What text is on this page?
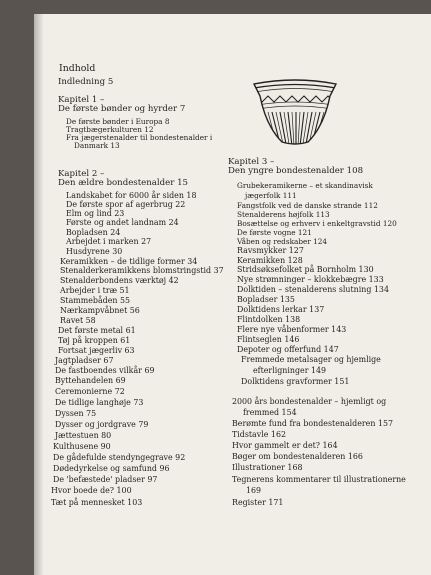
Indhold
Indledning 5
Kapitel 1 –
De første bønder og hyrder 7
De første bønder i Europa 8
Tragtbægerkulturen 12
Fra jægerstenalder til bondestenalder i
Danmark 13
Kapitel 2 –
Den ældre bondestenalder 15
Landskabet for 6000 år siden 18
De første spor af agerbrug 22
Elm og lind 23
Første og andet landnam 24
Bopladsen 24
Arbejdet i marken 27
Husdyrene 30
Keramikken – de tidlige former 34
Stenalderkeramikkens blomstringstid 37
Stenalderbondens værktøj 42
Arbejder i træ 51
Stammebåden 55
Nærkampvåbnet 56
Ravet 58
Det første metal 61
Tøj på kroppen 61
Fortsat jægerliv 63
Jagtpladser 67
De fastboendes vilkår 69
Byttehandelen 69
Ceremonierne 72
De tidlige langhøje 73
Dyssen 75
Dysser og jordgrave 79
Jættestuen 80
Kulthusene 90
De gådefulde stendyngegrave 92
Dødedyrkelse og samfund 96
De 'befæstede' pladser 97
Hvor boede de? 100
Tæt på mennesket 103
Kapitel 3 –
Den yngre bondestenalder 108
Grubekeramikerne – et skandinavisk
jægerfolk 111
Fangstfolk ved de danske strande 112
Stenalderens højfolk 113
Bosættelse og erhverv i enkeltgravstid 120
De første vogne 121
Våben og redskaber 124
Ravsmykker 127
Keramikken 128
Stridsøksefolket på Bornholm 130
Nye strømninger – klokkebægre 133
Dolktiden – stenalderens slutning 134
Bopladser 135
Dolktidens lerkar 137
Flintdolken 138
Flere nye våbenformer 143
Flintseglen 146
Depoter og offerfund 147
Fremmede metalsager og hjemlige
efterligninger 149
Dolktidens gravformer 151
2000 års bondestenalder – hjemligt og
fremmed 154
Berømte fund fra bondestenalderen 157
Tidstavle 162
Hvor gammelt er det? 164
Bøger om bondestenalderen 166
Illustrationer 168
Tegnerens kommentarer til illustrationerne
169
Register 171
